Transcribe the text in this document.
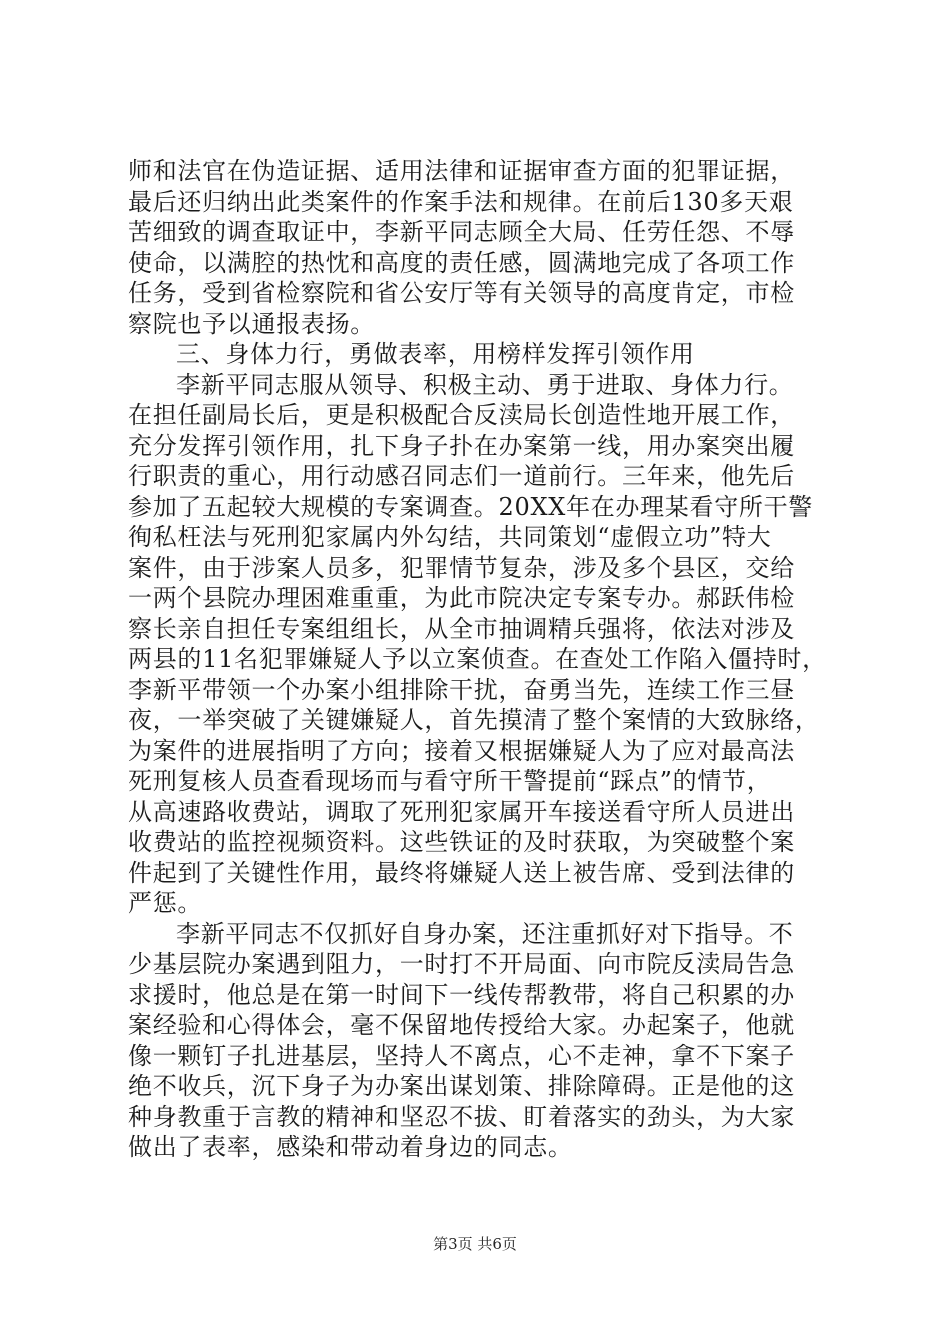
师和法官在伪造证据、适用法律和证据审查方面的犯罪证据，
最后还归纳出此类案件的作案手法和规律。在前后130多天艰
苦细致的调查取证中，李新平同志顾全大局、任劳任怨、不辱
使命，以满腔的热忱和高度的责任感，圆满地完成了各项工作
任务，受到省检察院和省公安厅等有关领导的高度肯定，市检
察院也予以通报表扬。
三、身体力行，勇做表率，用榜样发挥引领作用
李新平同志服从领导、积极主动、勇于进取、身体力行。
在担任副局长后，更是积极配合反渎局长创造性地开展工作，
充分发挥引领作用，扎下身子扑在办案第一线，用办案突出履
行职责的重心，用行动感召同志们一道前行。三年来，他先后
参加了五起较大规模的专案调查。20XX年在办理某看守所干警
徇私枉法与死刑犯家属内外勾结，共同策划“虚假立功”特大
案件，由于涉案人员多，犯罪情节复杂，涉及多个县区，交给
一两个县院办理困难重重，为此市院决定专案专办。郝跃伟检
察长亲自担任专案组组长，从全市抽调精兵强将，依法对涉及
两县的11名犯罪嫌疑人予以立案侦查。在查处工作陷入僵持时，
李新平带领一个办案小组排除干扰，奋勇当先，连续工作三昼
夜，一举突破了关键嫌疑人，首先摸清了整个案情的大致脉络，
为案件的进展指明了方向；接着又根据嫌疑人为了应对最高法
死刑复核人员查看现场而与看守所干警提前“踩点”的情节，
从高速路收费站，调取了死刑犯家属开车接送看守所人员进出
收费站的监控视频资料。这些铁证的及时获取，为突破整个案
件起到了关键性作用，最终将嫌疑人送上被告席、受到法律的
严惩。
李新平同志不仅抓好自身办案，还注重抓好对下指导。不
少基层院办案遇到阻力，一时打不开局面、向市院反渎局告急
求援时，他总是在第一时间下一线传帮教带，将自己积累的办
案经验和心得体会，毫不保留地传授给大家。办起案子，他就
像一颗钉子扎进基层，坚持人不离点，心不走神，拿不下案子
绝不收兵，沉下身子为办案出谋划策、排除障碍。正是他的这
种身教重于言教的精神和坚忍不拔、盯着落实的劲头，为大家
做出了表率，感染和带动着身边的同志。
第3页 共6页
